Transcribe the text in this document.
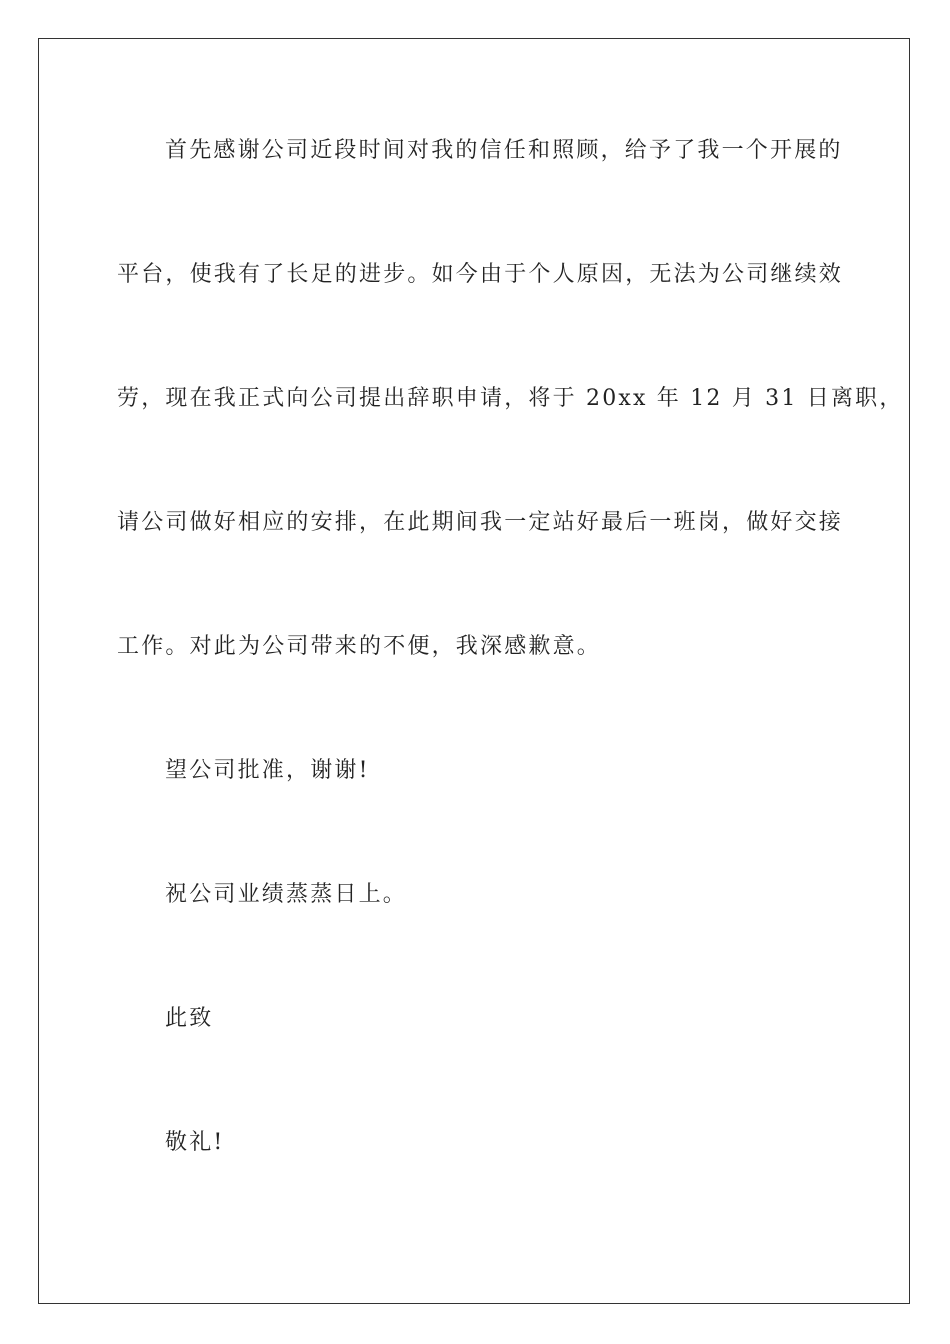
首先感谢公司近段时间对我的信任和照顾，给予了我一个开展的
平台，使我有了长足的进步。如今由于个人原因，无法为公司继续效
劳，现在我正式向公司提出辞职申请，将于 20xx 年 12 月 31 日离职，
请公司做好相应的安排，在此期间我一定站好最后一班岗，做好交接
工作。对此为公司带来的不便，我深感歉意。
望公司批准，谢谢!
祝公司业绩蒸蒸日上。
此致
敬礼!
